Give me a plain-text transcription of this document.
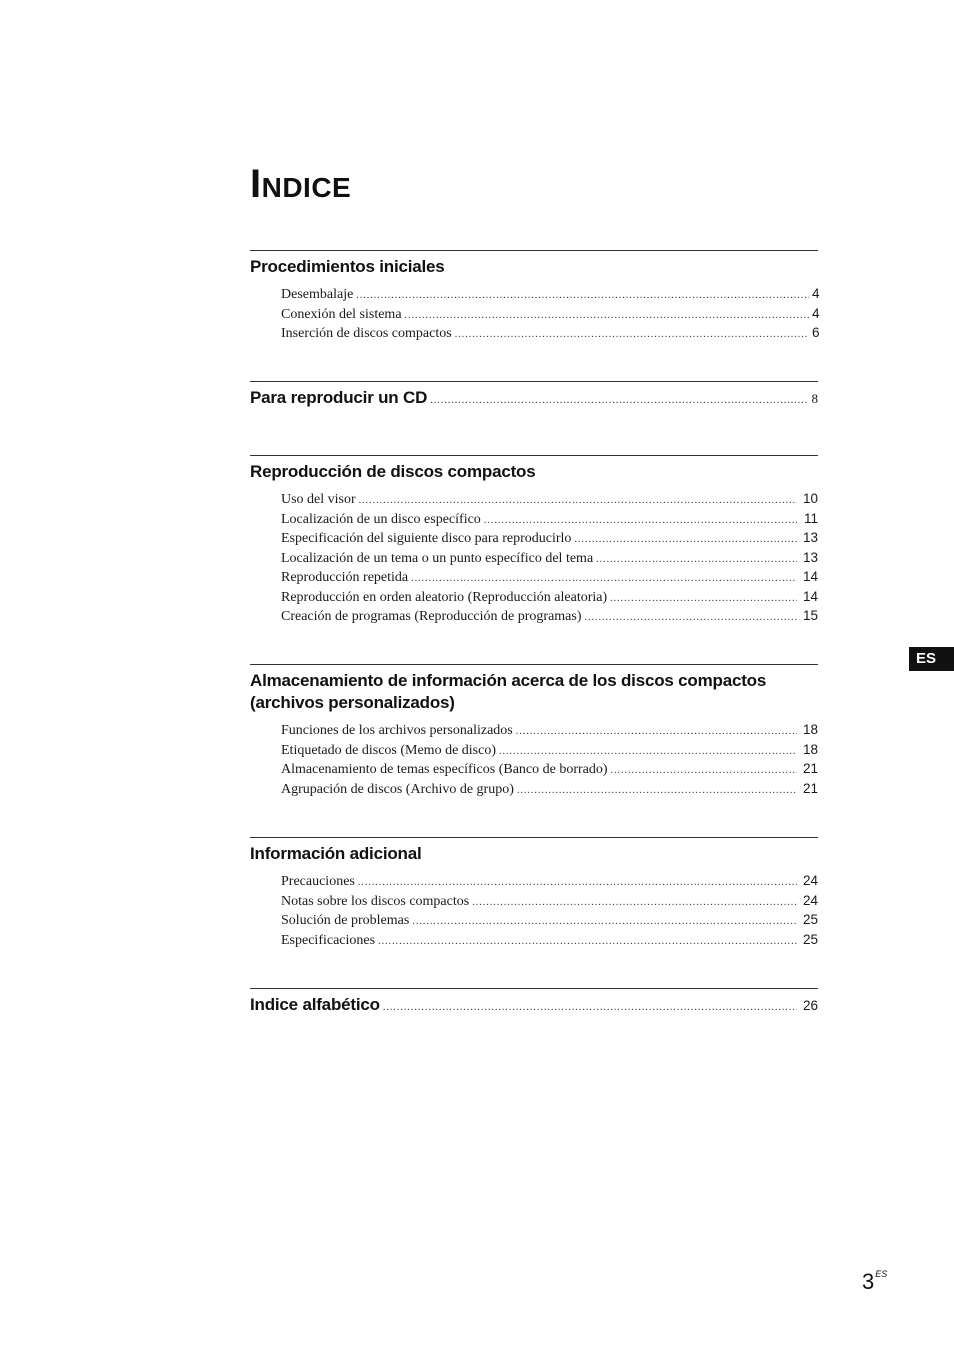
Indice
Procedimientos iniciales
Desembalaje .....	4
Conexión del sistema .....	4
Inserción de discos compactos .....	6
Para reproducir un CD .....	8
Reproducción de discos compactos
Uso del visor .....	10
Localización de un disco específico .....	11
Especificación del siguiente disco para reproducirlo .....	13
Localización de un tema o un punto específico del tema .....	13
Reproducción repetida .....	14
Reproducción en orden aleatorio (Reproducción aleatoria) .....	14
Creación de programas (Reproducción de programas) .....	15
Almacenamiento de información acerca de los discos compactos
(archivos personalizados)
Funciones de los archivos personalizados .....	18
Etiquetado de discos (Memo de disco) .....	18
Almacenamiento de temas específicos (Banco de borrado) .....	21
Agrupación de discos (Archivo de grupo) .....	21
Información adicional
Precauciones .....	24
Notas sobre los discos compactos .....	24
Solución de problemas .....	25
Especificaciones .....	25
Indice alfabético .....	26
ES
$3^{ES}$
